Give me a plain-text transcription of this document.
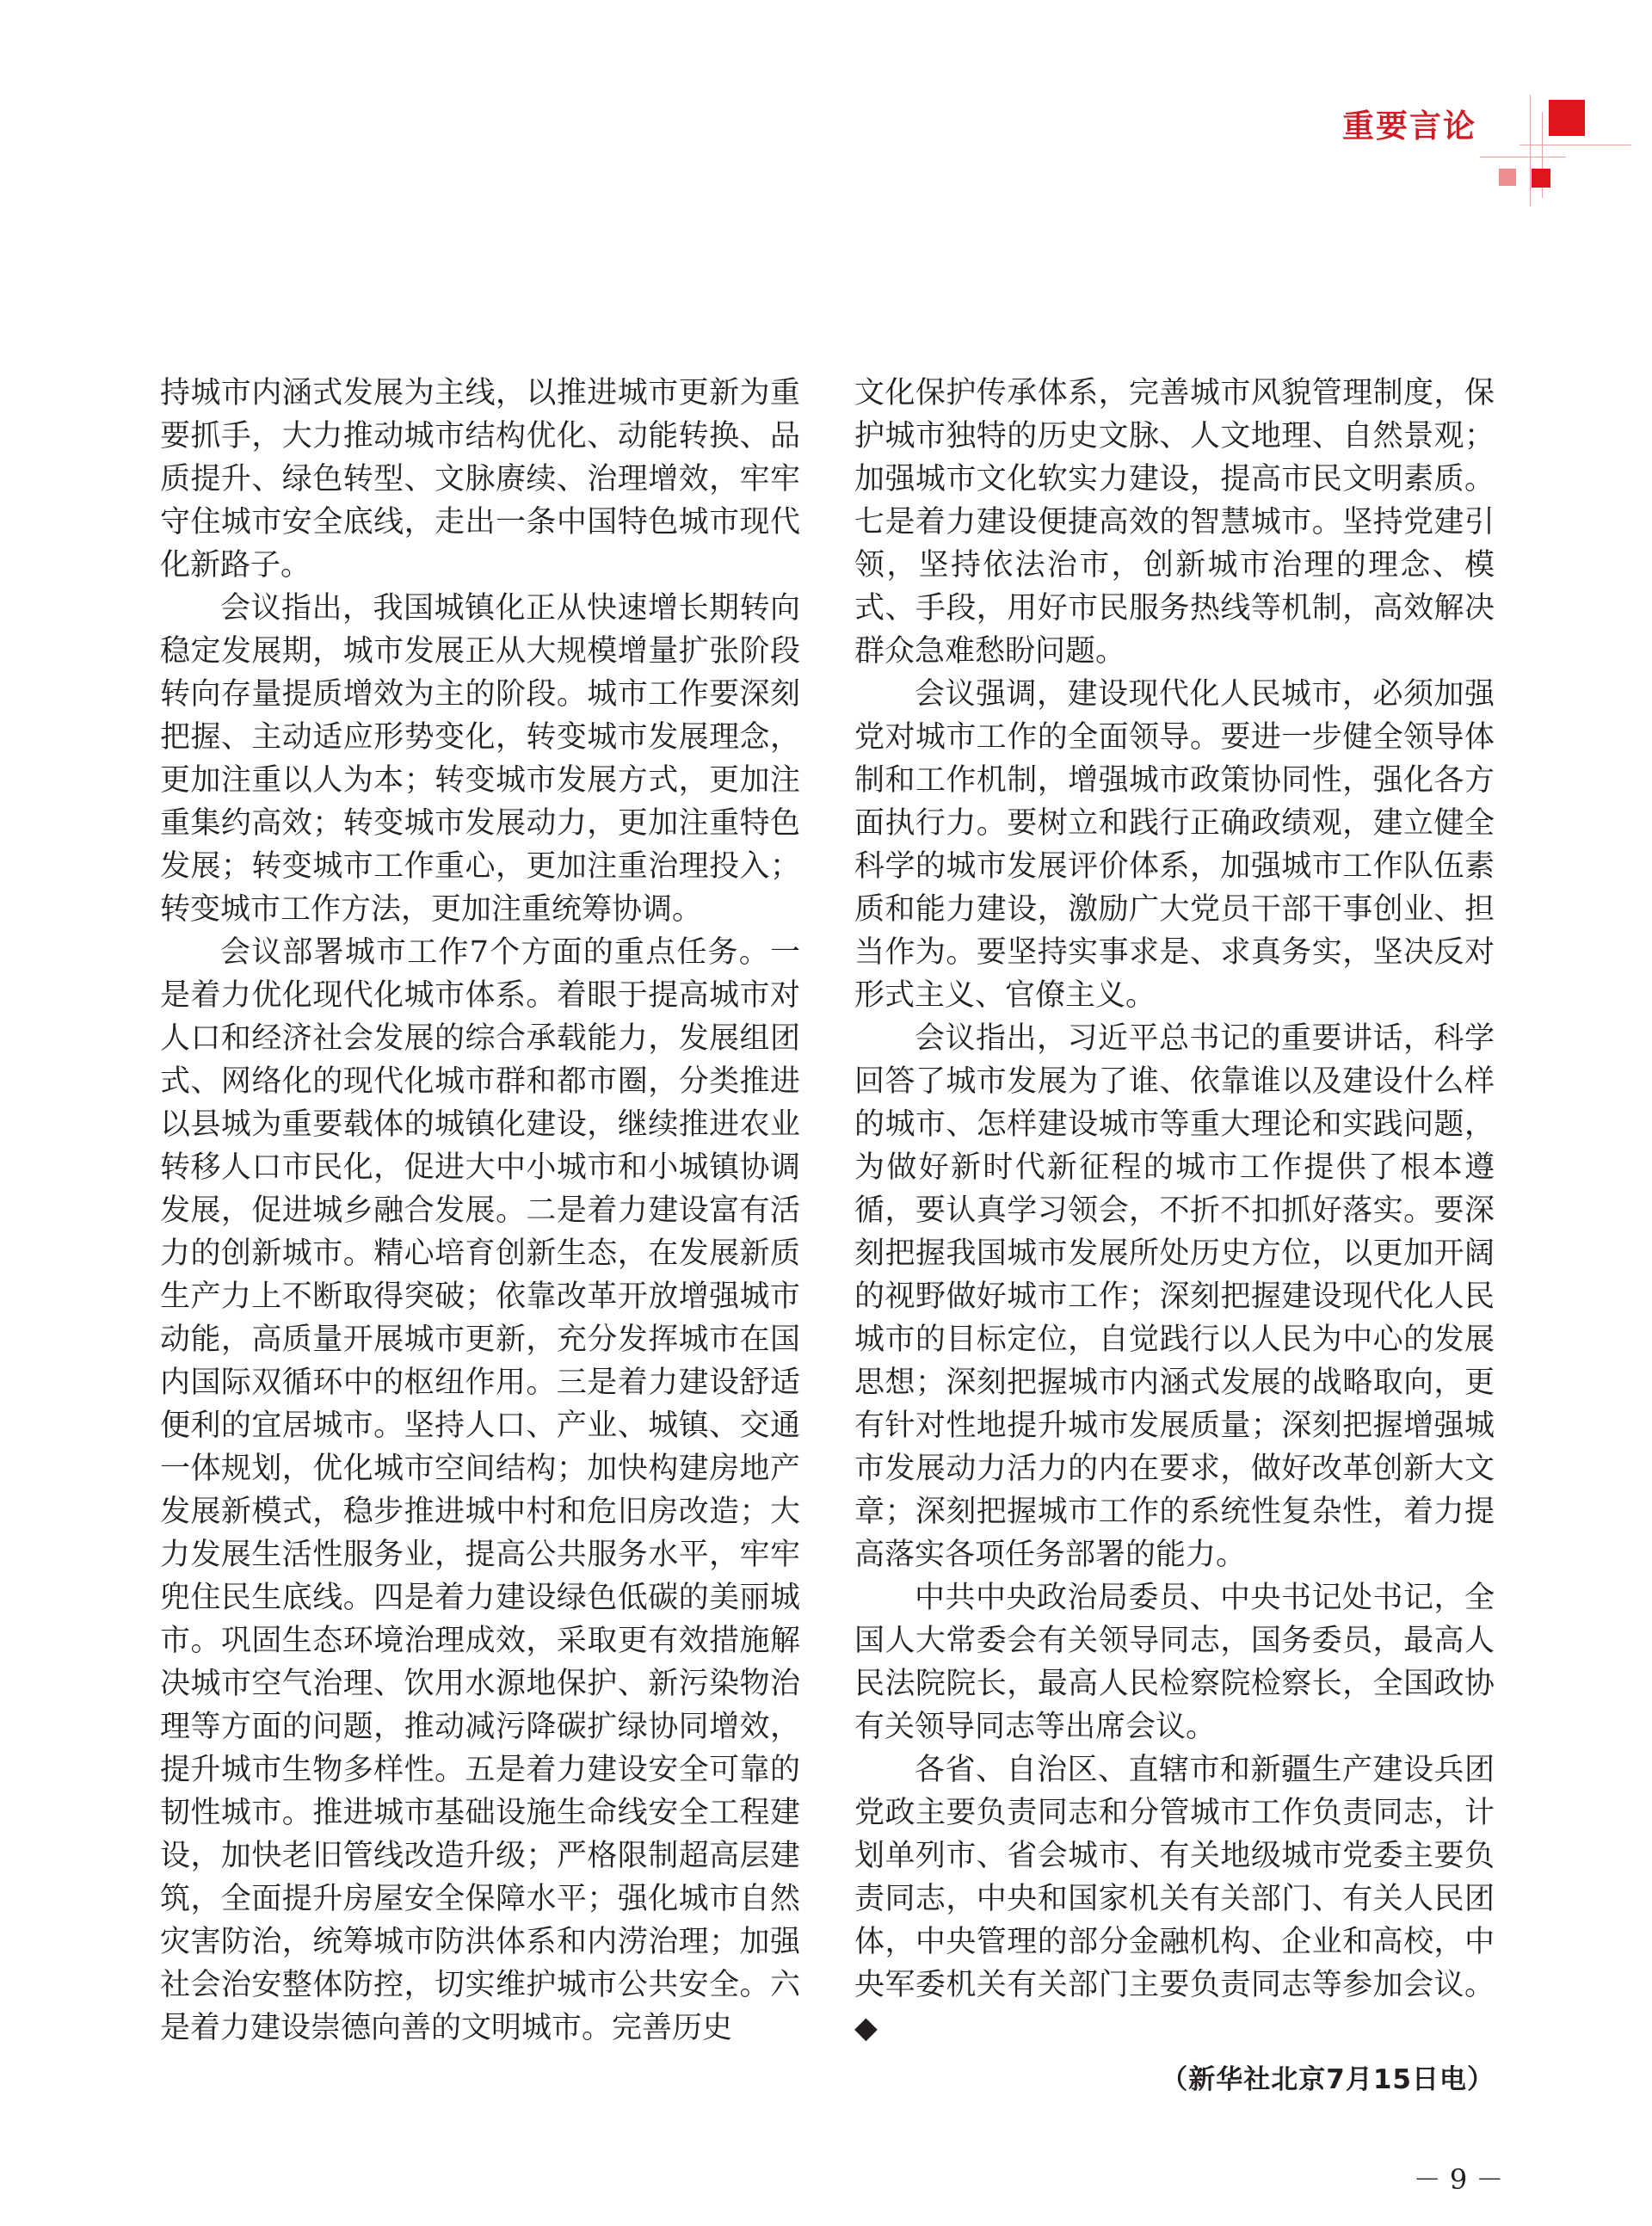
重要言论

持城市内涵式发展为主线，以推进城市更新为重要抓手，大力推动城市结构优化、动能转换、品质提升、绿色转型、文脉赓续、治理增效，牢牢守住城市安全底线，走出一条中国特色城市现代化新路子。

会议指出，我国城镇化正从快速增长期转向稳定发展期，城市发展正从大规模增量扩张阶段转向存量提质增效为主的阶段。城市工作要深刻把握、主动适应形势变化，转变城市发展理念，更加注重以人为本；转变城市发展方式，更加注重集约高效；转变城市发展动力，更加注重特色发展；转变城市工作重心，更加注重治理投入；转变城市工作方法，更加注重统筹协调。

会议部署城市工作7个方面的重点任务。一是着力优化现代化城市体系。着眼于提高城市对人口和经济社会发展的综合承载能力，发展组团式、网络化的现代化城市群和都市圈，分类推进以县城为重要载体的城镇化建设，继续推进农业转移人口市民化，促进大中小城市和小城镇协调发展，促进城乡融合发展。二是着力建设富有活力的创新城市。精心培育创新生态，在发展新质生产力上不断取得突破；依靠改革开放增强城市动能，高质量开展城市更新，充分发挥城市在国内国际双循环中的枢纽作用。三是着力建设舒适便利的宜居城市。坚持人口、产业、城镇、交通一体规划，优化城市空间结构；加快构建房地产发展新模式，稳步推进城中村和危旧房改造；大力发展生活性服务业，提高公共服务水平，牢牢兜住民生底线。四是着力建设绿色低碳的美丽城市。巩固生态环境治理成效，采取更有效措施解决城市空气治理、饮用水源地保护、新污染物治理等方面的问题，推动减污降碳扩绿协同增效，提升城市生物多样性。五是着力建设安全可靠的韧性城市。推进城市基础设施生命线安全工程建设，加快老旧管线改造升级；严格限制超高层建筑，全面提升房屋安全保障水平；强化城市自然灾害防治，统筹城市防洪体系和内涝治理；加强社会治安整体防控，切实维护城市公共安全。六是着力建设崇德向善的文明城市。完善历史

文化保护传承体系，完善城市风貌管理制度，保护城市独特的历史文脉、人文地理、自然景观；加强城市文化软实力建设，提高市民文明素质。七是着力建设便捷高效的智慧城市。坚持党建引领，坚持依法治市，创新城市治理的理念、模式、手段，用好市民服务热线等机制，高效解决群众急难愁盼问题。

会议强调，建设现代化人民城市，必须加强党对城市工作的全面领导。要进一步健全领导体制和工作机制，增强城市政策协同性，强化各方面执行力。要树立和践行正确政绩观，建立健全科学的城市发展评价体系，加强城市工作队伍素质和能力建设，激励广大党员干部干事创业、担当作为。要坚持实事求是、求真务实，坚决反对形式主义、官僚主义。

会议指出，习近平总书记的重要讲话，科学回答了城市发展为了谁、依靠谁以及建设什么样的城市、怎样建设城市等重大理论和实践问题，为做好新时代新征程的城市工作提供了根本遵循，要认真学习领会，不折不扣抓好落实。要深刻把握我国城市发展所处历史方位，以更加开阔的视野做好城市工作；深刻把握建设现代化人民城市的目标定位，自觉践行以人民为中心的发展思想；深刻把握城市内涵式发展的战略取向，更有针对性地提升城市发展质量；深刻把握增强城市发展动力活力的内在要求，做好改革创新大文章；深刻把握城市工作的系统性复杂性，着力提高落实各项任务部署的能力。

中共中央政治局委员、中央书记处书记，全国人大常委会有关领导同志，国务委员，最高人民法院院长，最高人民检察院检察长，全国政协有关领导同志等出席会议。

各省、自治区、直辖市和新疆生产建设兵团党政主要负责同志和分管城市工作负责同志，计划单列市、省会城市、有关地级城市党委主要负责同志，中央和国家机关有关部门、有关人民团体，中央管理的部分金融机构、企业和高校，中央军委机关有关部门主要负责同志等参加会议。◆

（新华社北京7月15日电）
－ 9 －
